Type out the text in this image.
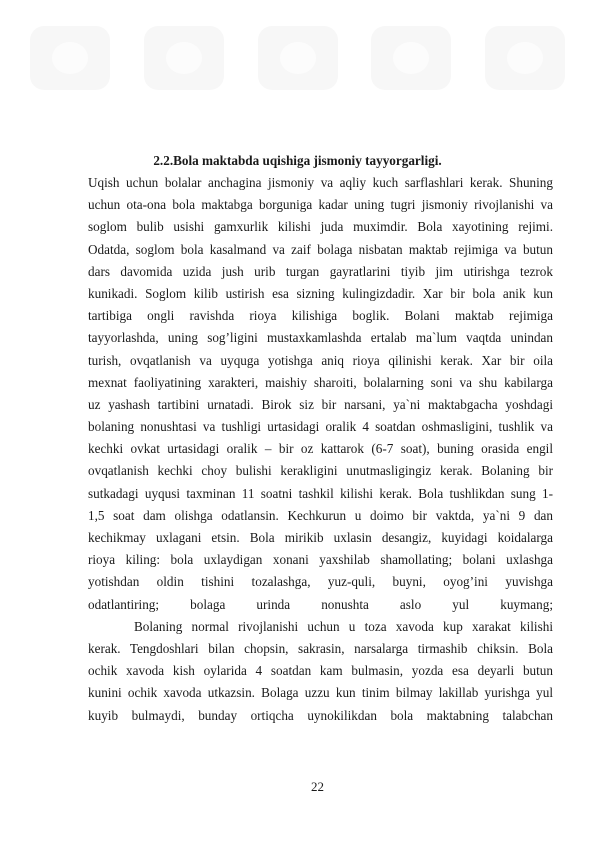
2.2.Bola maktabda uqishiga jismoniy tayyorgarligi.
Uqish uchun bolalar anchagina jismoniy va aqliy kuch sarflashlari kerak. Shuning
uchun ota-ona bola maktabga borguniga kadar uning tugri jismoniy rivojlanishi va
soglom bulib usishi gamxurlik kilishi juda muximdir. Bola xayotining rejimi.
Odatda, soglom bola kasalmand va zaif bolaga nisbatan maktab rejimiga va butun
dars davomida uzida jush urib turgan gayratlarini tiyib jim utirishga tezrok
kunikadi. Soglom kilib ustirish esa sizning kulingizdadir. Xar bir bola anik kun
tartibiga ongli ravishda rioya kilishiga boglik. Bolani maktab rejimiga
tayyorlashda, uning sog’ligini mustaxkamlashda ertalab ma`lum vaqtda unindan
turish, ovqatlanish va uyquga yotishga aniq rioya qilinishi kerak. Xar bir oila
mexnat faoliyatining xarakteri, maishiy sharoiti, bolalarning soni va shu kabilarga
uz yashash tartibini urnatadi. Birok siz bir narsani, ya`ni maktabgacha yoshdagi
bolaning nonushtasi va tushligi urtasidagi oralik 4 soatdan oshmasligini, tushlik va
kechki ovkat urtasidagi oralik – bir oz kattarok (6-7 soat), buning orasida engil
ovqatlanish kechki choy bulishi kerakligini unutmasligingiz kerak. Bolaning bir
sutkadagi uyqusi taxminan 11 soatni tashkil kilishi kerak. Bola tushlikdan sung 1-
1,5 soat dam olishga odatlansin. Kechkurun u doimo bir vaktda, ya`ni 9 dan
kechikmay uxlagani etsin. Bola mirikib uxlasin desangiz, kuyidagi koidalarga
rioya kiling: bola uxlaydigan xonani yaxshilab shamollating; bolani uxlashga
yotishdan oldin tishini tozalashga, yuz-quli, buyni, oyog’ini yuvishga
odatlantiring; bolaga urinda nonushta aslo yul kuymang;
Bolaning normal rivojlanishi uchun u toza xavoda kup xarakat kilishi
kerak. Tengdoshlari bilan chopsin, sakrasin, narsalarga tirmashib chiksin. Bola
ochik xavoda kish oylarida 4 soatdan kam bulmasin, yozda esa deyarli butun
kunini ochik xavoda utkazsin. Bolaga uzzu kun tinim bilmay lakillab yurishga yul
kuyib bulmaydi, bunday ortiqcha uynokilikdan bola maktabning talabchan
22
